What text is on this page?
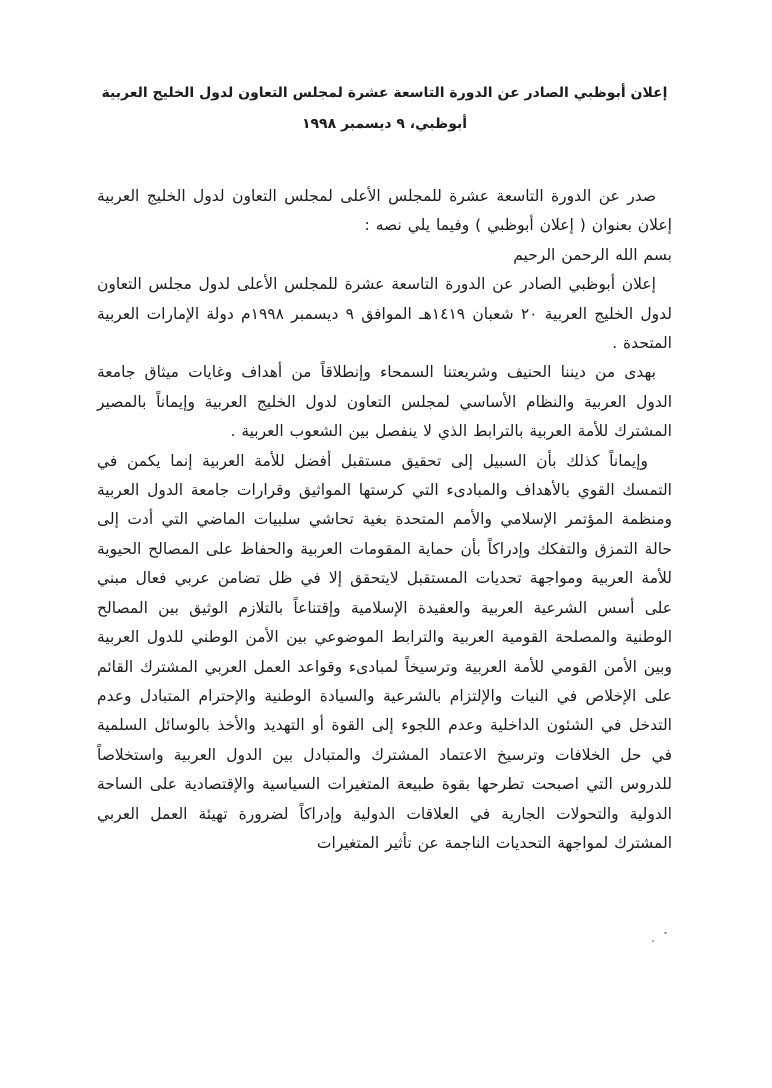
إعلان أبوظبي الصادر عن الدورة التاسعة عشرة لمجلس التعاون لدول الخليج العربية
أبوظبي، ٩ ديسمبر ١٩٩٨

صدر عن الدورة التاسعة عشرة للمجلس الأعلى لمجلس التعاون لدول الخليج العربية إعلان بعنوان ( إعلان أبوظبي ) وفيما يلي نصه :

بسم الله الرحمن الرحيم

إعلان أبوظبي الصادر عن الدورة التاسعة عشرة للمجلس الأعلى لدول مجلس التعاون لدول الخليج العربية ٢٠ شعبان ١٤١٩هـ الموافق ٩ ديسمبر ١٩٩٨م دولة الإمارات العربية المتحدة .

بهدى من ديننا الحنيف وشريعتنا السمحاء وإنطلاقاً من أهداف وغايات ميثاق جامعة الدول العربية والنظام الأساسي لمجلس التعاون لدول الخليج العربية وإيماناً بالمصير المشترك للأمة العربية بالترابط الذي لا ينفصل بين الشعوب العربية .

وإيماناً كذلك بأن السبيل إلى تحقيق مستقبل أفضل للأمة العربية إنما يكمن في التمسك القوي بالأهداف والمبادىء التي كرستها المواثيق وقرارات جامعة الدول العربية ومنظمة المؤتمر الإسلامي والأمم المتحدة بغية تحاشي سلبيات الماضي التي أدت إلى حالة التمزق والتفكك وإدراكاً بأن حماية المقومات العربية والحفاظ على المصالح الحيوية للأمة العربية ومواجهة تحديات المستقبل لايتحقق إلا في ظل تضامن عربي فعال مبني على أسس الشرعية العربية والعقيدة الإسلامية وإقتناعاً بالتلازم الوثيق بين المصالح الوطنية والمصلحة القومية العربية والترابط الموضوعي بين الأمن الوطني للدول العربية وبين الأمن القومي للأمة العربية وترسيخاً لمبادىء وقواعد العمل العربي المشترك القائم على الإخلاص في النيات والإلتزام بالشرعية والسيادة الوطنية والإحترام المتبادل وعدم التدخل في الشئون الداخلية وعدم اللجوء إلى القوة أو التهديد والأخذ بالوسائل السلمية في حل الخلافات وترسيخ الاعتماد المشترك والمتبادل بين الدول العربية واستخلاصاً للدروس التي اصبحت تطرحها بقوة طبيعة المتغيرات السياسية والإقتصادية على الساحة الدولية والتحولات الجارية في العلاقات الدولية وإدراكاً لضرورة تهيئة العمل العربي المشترك لمواجهة التحديات الناجمة عن تأثير المتغيرات
